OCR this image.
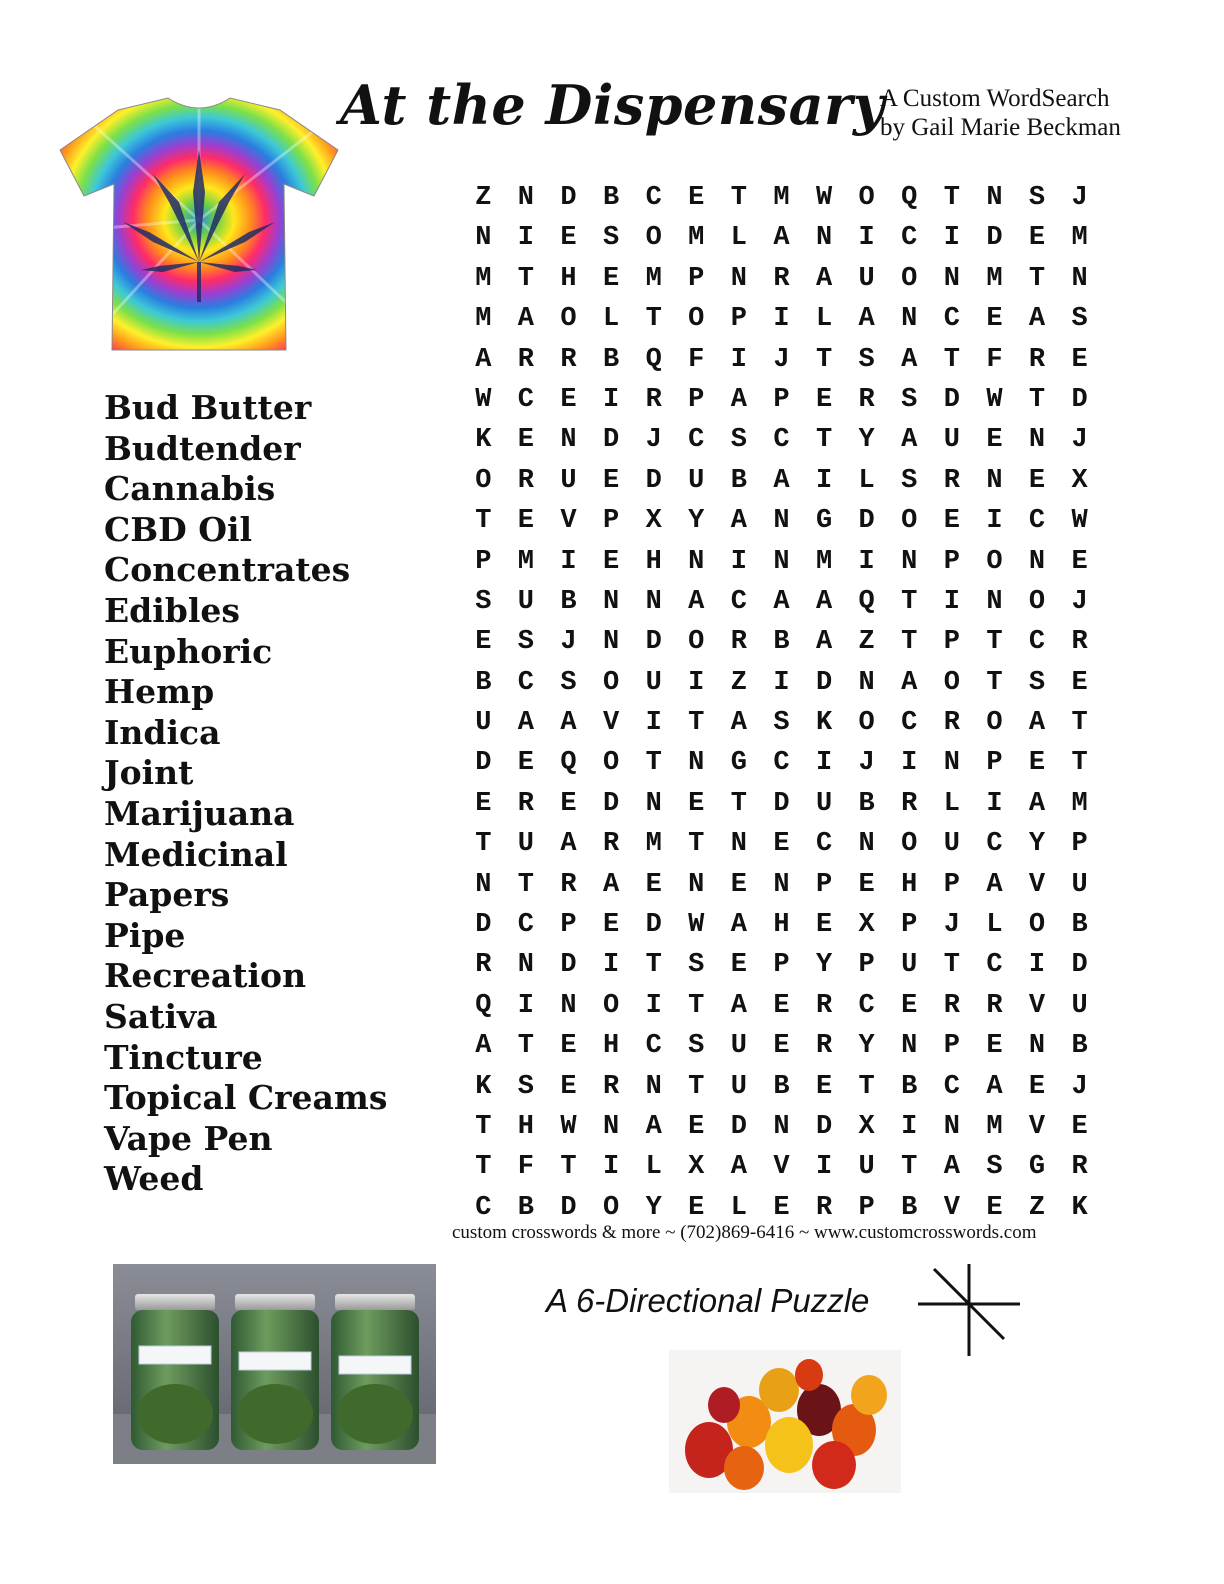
At the Dispensary
A Custom WordSearch
by Gail Marie Beckman
Bud Butter
Budtender
Cannabis
CBD Oil
Concentrates
Edibles
Euphoric
Hemp
Indica
Joint
Marijuana
Medicinal
Papers
Pipe
Recreation
Sativa
Tincture
Topical Creams
Vape Pen
Weed
Z N D B C E T M W O Q T N S J
N I E S O M L A N I C I D E M
M T H E M P N R A U O N M T N
M A O L T O P I L A N C E A S
A R R B Q F I J T S A T F R E
W C E I R P A P E R S D W T D
K E N D J C S C T Y A U E N J
O R U E D U B A I L S R N E X
T E V P X Y A N G D O E I C W
P M I E H N I N M I N P O N E
S U B N N A C A A Q T I N O J
E S J N D O R B A Z T P T C R
B C S O U I Z I D N A O T S E
U A A V I T A S K O C R O A T
D E Q O T N G C I J I N P E T
E R E D N E T D U B R L I A M
T U A R M T N E C N O U C Y P
N T R A E N E N P E H P A V U
D C P E D W A H E X P J L O B
R N D I T S E P Y P U T C I D
Q I N O I T A E R C E R R V U
A T E H C S U E R Y N P E N B
K S E R N T U B E T B C A E J
T H W N A E D N D X I N M V E
T F T I L X A V I U T A S G R
C B D O Y E L E R P B V E Z K
custom crosswords & more ~ (702)869-6416 ~ www.customcrosswords.com
A 6-Directional Puzzle
